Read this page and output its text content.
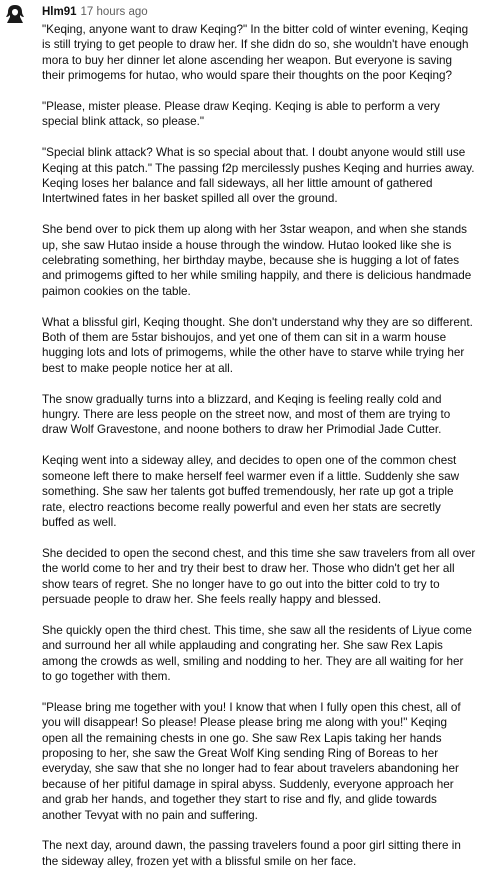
Hlm91 17 hours ago

"Keqing, anyone want to draw Keqing?" In the bitter cold of winter evening, Keqing is still trying to get people to draw her. If she didn do so, she wouldn't have enough mora to buy her dinner let alone ascending her weapon. But everyone is saving their primogems for hutao, who would spare their thoughts on the poor Keqing?

"Please, mister please. Please draw Keqing. Keqing is able to perform a very special blink attack, so please."

"Special blink attack? What is so special about that. I doubt anyone would still use Keqing at this patch." The passing f2p mercilessly pushes Keqing and hurries away. Keqing loses her balance and fall sideways, all her little amount of gathered Intertwined fates in her basket spilled all over the ground.

She bend over to pick them up along with her 3star weapon, and when she stands up, she saw Hutao inside a house through the window. Hutao looked like she is celebrating something, her birthday maybe, because she is hugging a lot of fates and primogems gifted to her while smiling happily, and there is delicious handmade paimon cookies on the table.

What a blissful girl, Keqing thought. She don't understand why they are so different. Both of them are 5star bishoujos, and yet one of them can sit in a warm house hugging lots and lots of primogems, while the other have to starve while trying her best to make people notice her at all.

The snow gradually turns into a blizzard, and Keqing is feeling really cold and hungry. There are less people on the street now, and most of them are trying to draw Wolf Gravestone, and noone bothers to draw her Primodial Jade Cutter.

Keqing went into a sideway alley, and decides to open one of the common chest someone left there to make herself feel warmer even if a little. Suddenly she saw something. She saw her talents got buffed tremendously, her rate up got a triple rate, electro reactions become really powerful and even her stats are secretly buffed as well.

She decided to open the second chest, and this time she saw travelers from all over the world come to her and try their best to draw her. Those who didn't get her all show tears of regret. She no longer have to go out into the bitter cold to try to persuade people to draw her. She feels really happy and blessed.

She quickly open the third chest. This time, she saw all the residents of Liyue come and surround her all while applauding and congrating her. She saw Rex Lapis among the crowds as well, smiling and nodding to her. They are all waiting for her to go together with them.

"Please bring me together with you! I know that when I fully open this chest, all of you will disappear! So please! Please please bring me along with you!" Keqing open all the remaining chests in one go. She saw Rex Lapis taking her hands proposing to her, she saw the Great Wolf King sending Ring of Boreas to her everyday, she saw that she no longer had to fear about travelers abandoning her because of her pitiful damage in spiral abyss. Suddenly, everyone approach her and grab her hands, and together they start to rise and fly, and glide towards another Tevyat with no pain and suffering.

The next day, around dawn, the passing travelers found a poor girl sitting there in the sideway alley, frozen yet with a blissful smile on her face.
